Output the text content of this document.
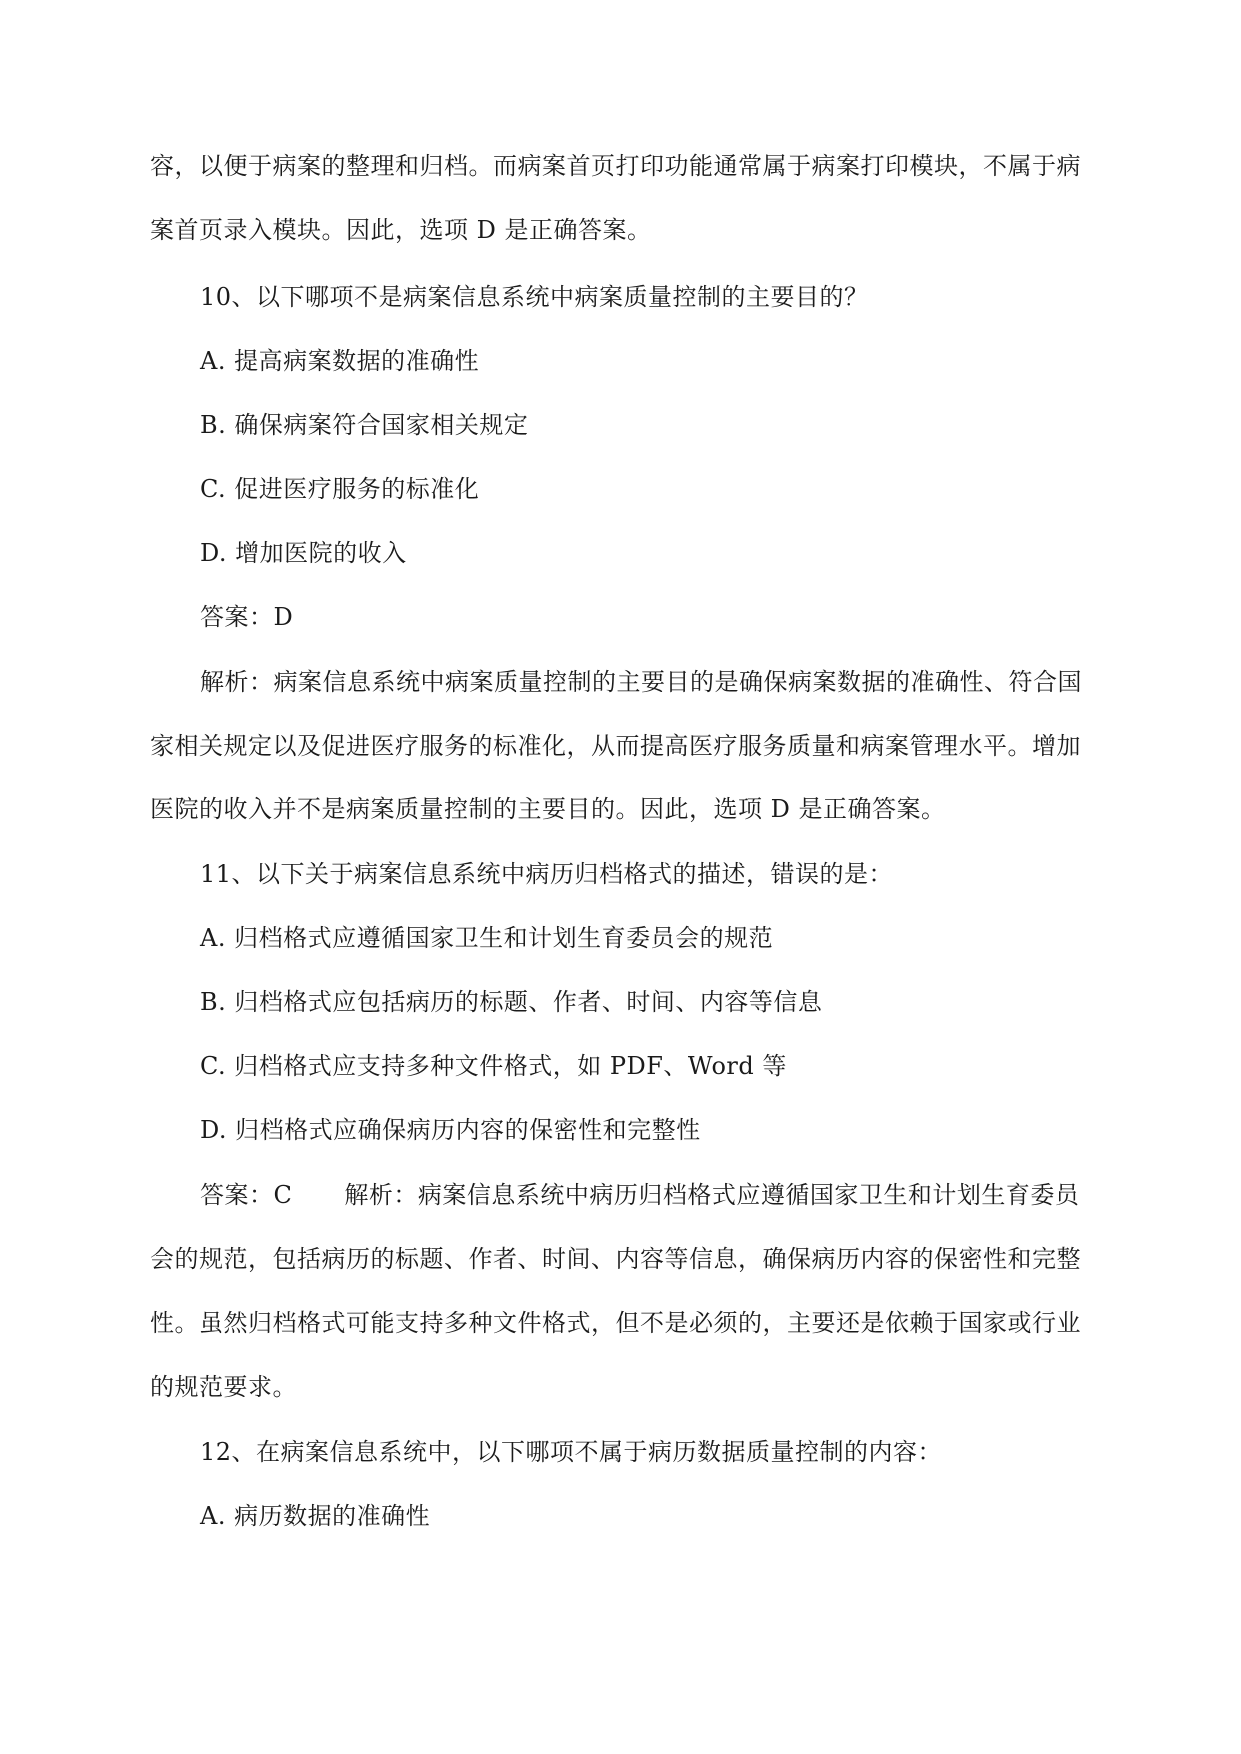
容，以便于病案的整理和归档。而病案首页打印功能通常属于病案打印模块，不属于病
案首页录入模块。因此，选项 D 是正确答案。
10、以下哪项不是病案信息系统中病案质量控制的主要目的？
A. 提高病案数据的准确性
B. 确保病案符合国家相关规定
C. 促进医疗服务的标准化
D. 增加医院的收入
答案：D
解析：病案信息系统中病案质量控制的主要目的是确保病案数据的准确性、符合国
家相关规定以及促进医疗服务的标准化，从而提高医疗服务质量和病案管理水平。增加
医院的收入并不是病案质量控制的主要目的。因此，选项 D 是正确答案。
11、以下关于病案信息系统中病历归档格式的描述，错误的是：
A. 归档格式应遵循国家卫生和计划生育委员会的规范
B. 归档格式应包括病历的标题、作者、时间、内容等信息
C. 归档格式应支持多种文件格式，如 PDF、Word 等
D. 归档格式应确保病历内容的保密性和完整性
答案：C 解析：病案信息系统中病历归档格式应遵循国家卫生和计划生育委员
会的规范，包括病历的标题、作者、时间、内容等信息，确保病历内容的保密性和完整
性。虽然归档格式可能支持多种文件格式，但不是必须的，主要还是依赖于国家或行业
的规范要求。
12、在病案信息系统中，以下哪项不属于病历数据质量控制的内容：
A. 病历数据的准确性
